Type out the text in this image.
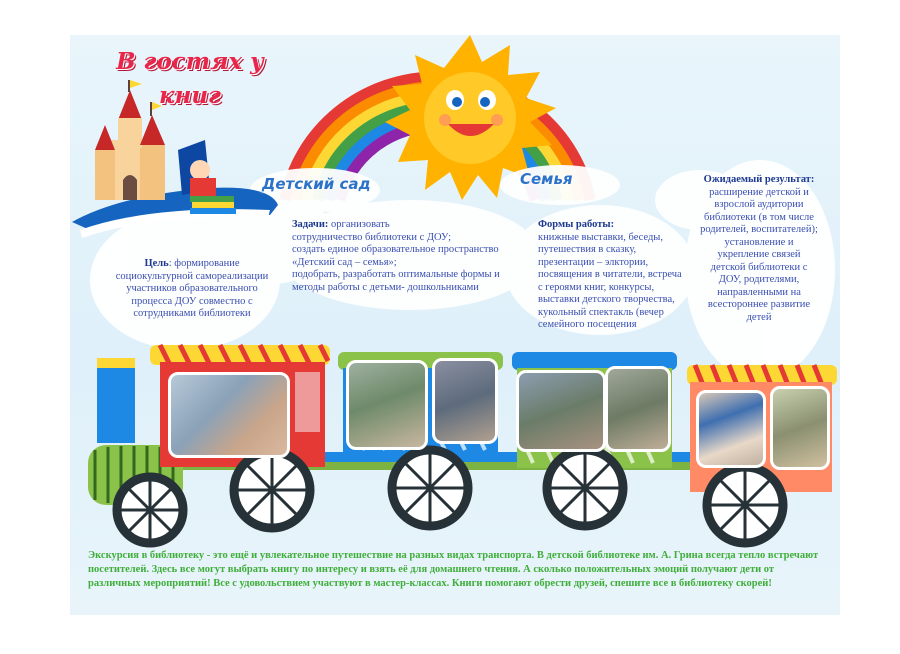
В гостях у
книг
Детский сад	Семья
Цель: формирование социокультурной самореализации участников образовательного процесса ДОУ совместно с сотрудниками библиотеки
Задачи: организовать
сотрудничество библиотеки с ДОУ;
создать единое образовательное пространство «Детский сад – семья»;
подобрать, разработать оптимальные формы и методы работы с детьми- дошкольниками
Формы работы:
книжные выставки, беседы, путешествия в сказку, презентации – элктории, посвящения в читатели, встреча с героями книг, конкурсы, выставки детского творчества, кукольный спектакль (вечер семейного посещения
Ожидаемый результат:
расширение детской и взрослой аудитории библиотеки (в том числе родителей, воспитателей); установление и укрепление связей детской библиотеки с ДОУ, родителями, направленными на всестороннее развитие детей
Экскурсия в библиотеку - это ещё и увлекательное путешествие на разных видах транспорта. В детской библиотеке им. А. Грина всегда тепло встречают посетителей. Здесь все могут выбрать книгу по интересу и взять её для домашнего чтения. А сколько положительных эмоций получают дети от различных мероприятий! Все с удовольствием участвуют в мастер-классах. Книги помогают обрести друзей, спешите все в библиотеку скорей!
